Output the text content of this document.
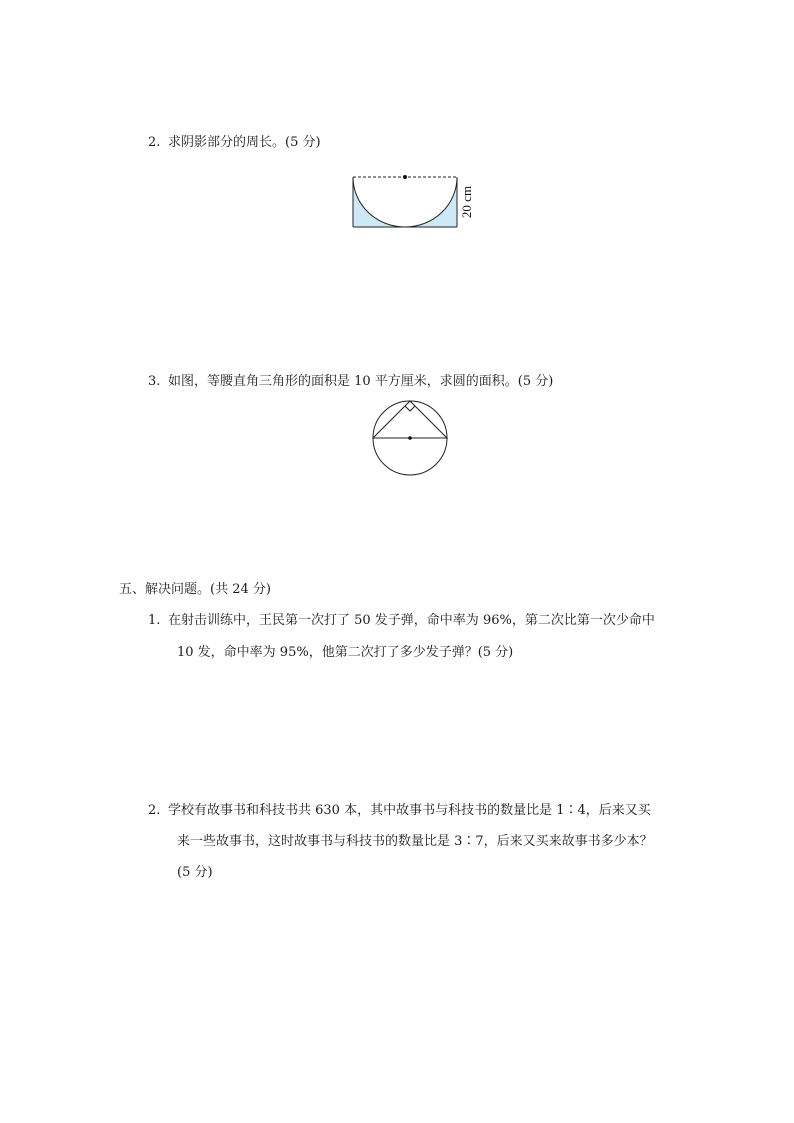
2. 求阴影部分的周长。(5 分)
20 cm
3. 如图，等腰直角三角形的面积是 10 平方厘米，求圆的面积。(5 分)
五、解决问题。(共 24 分)
1. 在射击训练中，王民第一次打了 50 发子弹，命中率为 96%，第二次比第一次少命中
10 发，命中率为 95%，他第二次打了多少发子弹？(5 分)
2. 学校有故事书和科技书共 630 本，其中故事书与科技书的数量比是 1∶4，后来又买
来一些故事书，这时故事书与科技书的数量比是 3∶7，后来又买来故事书多少本？
(5 分)
